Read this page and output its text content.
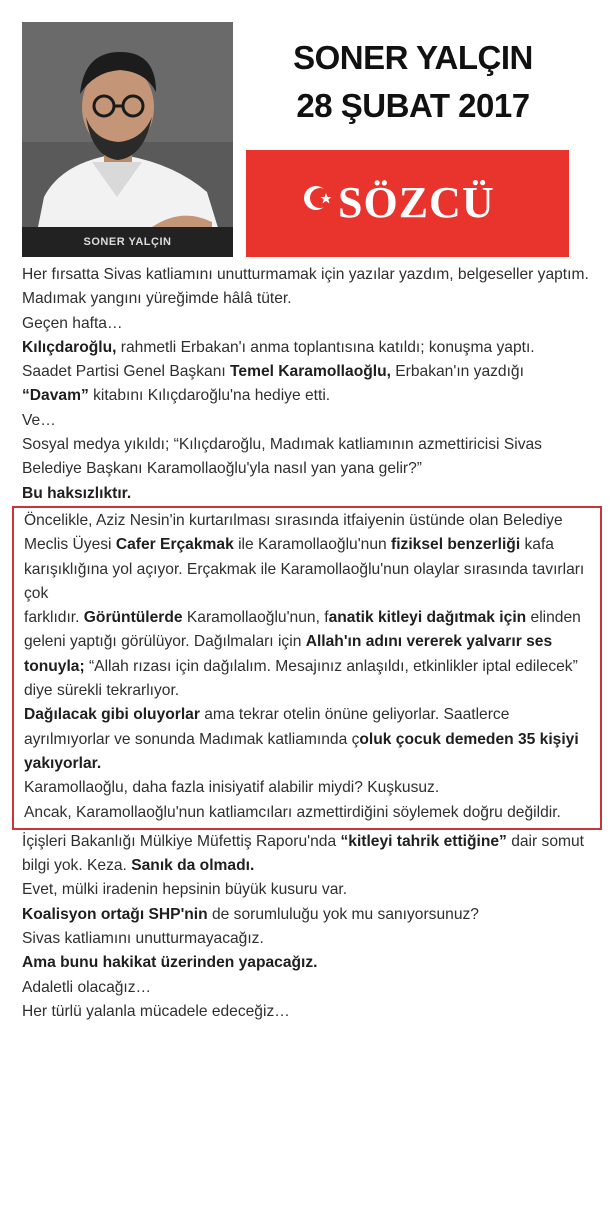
SONER YALÇIN
SONER YALÇIN
28 ŞUBAT 2017
SÖZCÜ

Her fırsatta Sivas katliamını unutturmamak için yazılar yazdım, belgeseller yaptım.

Madımak yangını yüreğimde hâlâ tüter.

Geçen hafta…

Kılıçdaroğlu, rahmetli Erbakan'ı anma toplantısına katıldı; konuşma yaptı.

Saadet Partisi Genel Başkanı Temel Karamollaoğlu, Erbakan'ın yazdığı “Davam” kitabını Kılıçdaroğlu'na hediye etti.

Ve…

Sosyal medya yıkıldı; “Kılıçdaroğlu, Madımak katliamının azmettiricisi Sivas Belediye Başkanı Karamollaoğlu'yla nasıl yan yana gelir?”

Bu haksızlıktır.

Öncelikle, Aziz Nesin'in kurtarılması sırasında itfaiyenin üstünde olan Belediye Meclis Üyesi Cafer Erçakmak ile Karamollaoğlu'nun fiziksel benzerliği kafa karışıklığına yol açıyor. Erçakmak ile Karamollaoğlu'nun olaylar sırasında tavırları çok

farklıdır. Görüntülerde Karamollaoğlu'nun, fanatik kitleyi dağıtmak için elinden geleni yaptığı görülüyor. Dağılmaları için Allah'ın adını vererek yalvarır ses tonuyla; “Allah rızası için dağılalım. Mesajınız anlaşıldı, etkinlikler iptal edilecek” diye sürekli tekrarlıyor.

Dağılacak gibi oluyorlar ama tekrar otelin önüne geliyorlar. Saatlerce ayrılmıyorlar ve sonunda Madımak katliamında çoluk çocuk demeden 35 kişiyi yakıyorlar.

Karamollaoğlu, daha fazla inisiyatif alabilir miydi? Kuşkusuz.

Ancak, Karamollaoğlu'nun katliamcıları azmettirdiğini söylemek doğru değildir.

İçişleri Bakanlığı Mülkiye Müfettiş Raporu'nda “kitleyi tahrik ettiğine” dair somut bilgi yok. Keza. Sanık da olmadı.

Evet, mülki iradenin hepsinin büyük kusuru var.

Koalisyon ortağı SHP'nin de sorumluluğu yok mu sanıyorsunuz?

Sivas katliamını unutturmayacağız.

Ama bunu hakikat üzerinden yapacağız.

Adaletli olacağız…

Her türlü yalanla mücadele edeceğiz…
